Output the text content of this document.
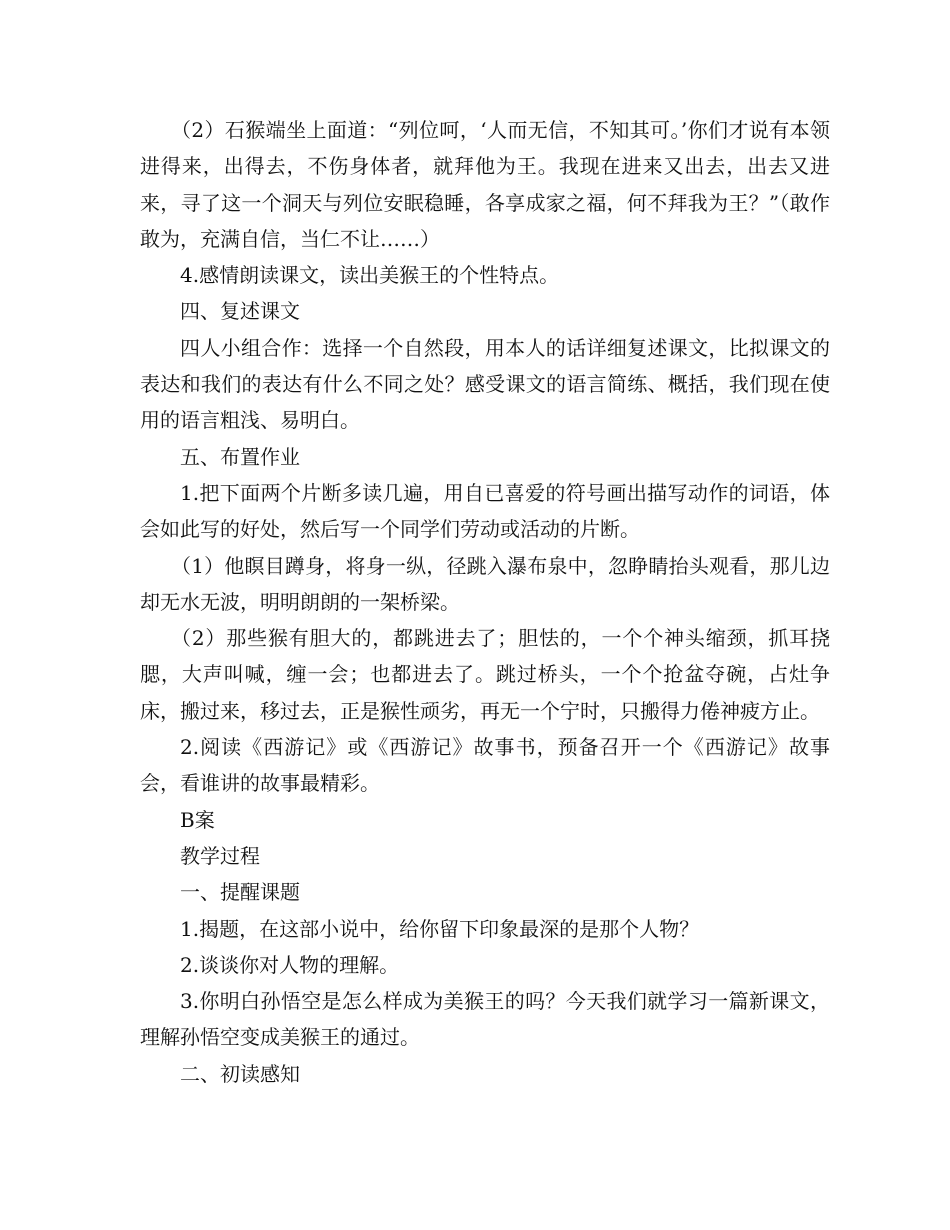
（2）石猴端坐上面道：“列位呵，‘人而无信，不知其可。’你们才说有本领进得来，出得去，不伤身体者，就拜他为王。我现在进来又出去，出去又进来，寻了这一个洞天与列位安眠稳睡，各享成家之福，何不拜我为王？”（敢作敢为，充满自信，当仁不让……）

4.感情朗读课文，读出美猴王的个性特点。

四、复述课文

四人小组合作：选择一个自然段，用本人的话详细复述课文，比拟课文的表达和我们的表达有什么不同之处？感受课文的语言简练、概括，我们现在使用的语言粗浅、易明白。

五、布置作业

1.把下面两个片断多读几遍，用自已喜爱的符号画出描写动作的词语，体会如此写的好处，然后写一个同学们劳动或活动的片断。

（1）他瞑目蹲身，将身一纵，径跳入瀑布泉中，忽睁睛抬头观看，那儿边却无水无波，明明朗朗的一架桥梁。

（2）那些猴有胆大的，都跳进去了；胆怯的，一个个神头缩颈，抓耳挠腮，大声叫喊，缠一会；也都进去了。跳过桥头，一个个抢盆夺碗，占灶争床，搬过来，移过去，正是猴性顽劣，再无一个宁时，只搬得力倦神疲方止。

2.阅读《西游记》或《西游记》故事书，预备召开一个《西游记》故事会，看谁讲的故事最精彩。

B案

教学过程

一、提醒课题

1.揭题，在这部小说中，给你留下印象最深的是那个人物？

2.谈谈你对人物的理解。

3.你明白孙悟空是怎么样成为美猴王的吗？今天我们就学习一篇新课文，理解孙悟空变成美猴王的通过。

二、初读感知
